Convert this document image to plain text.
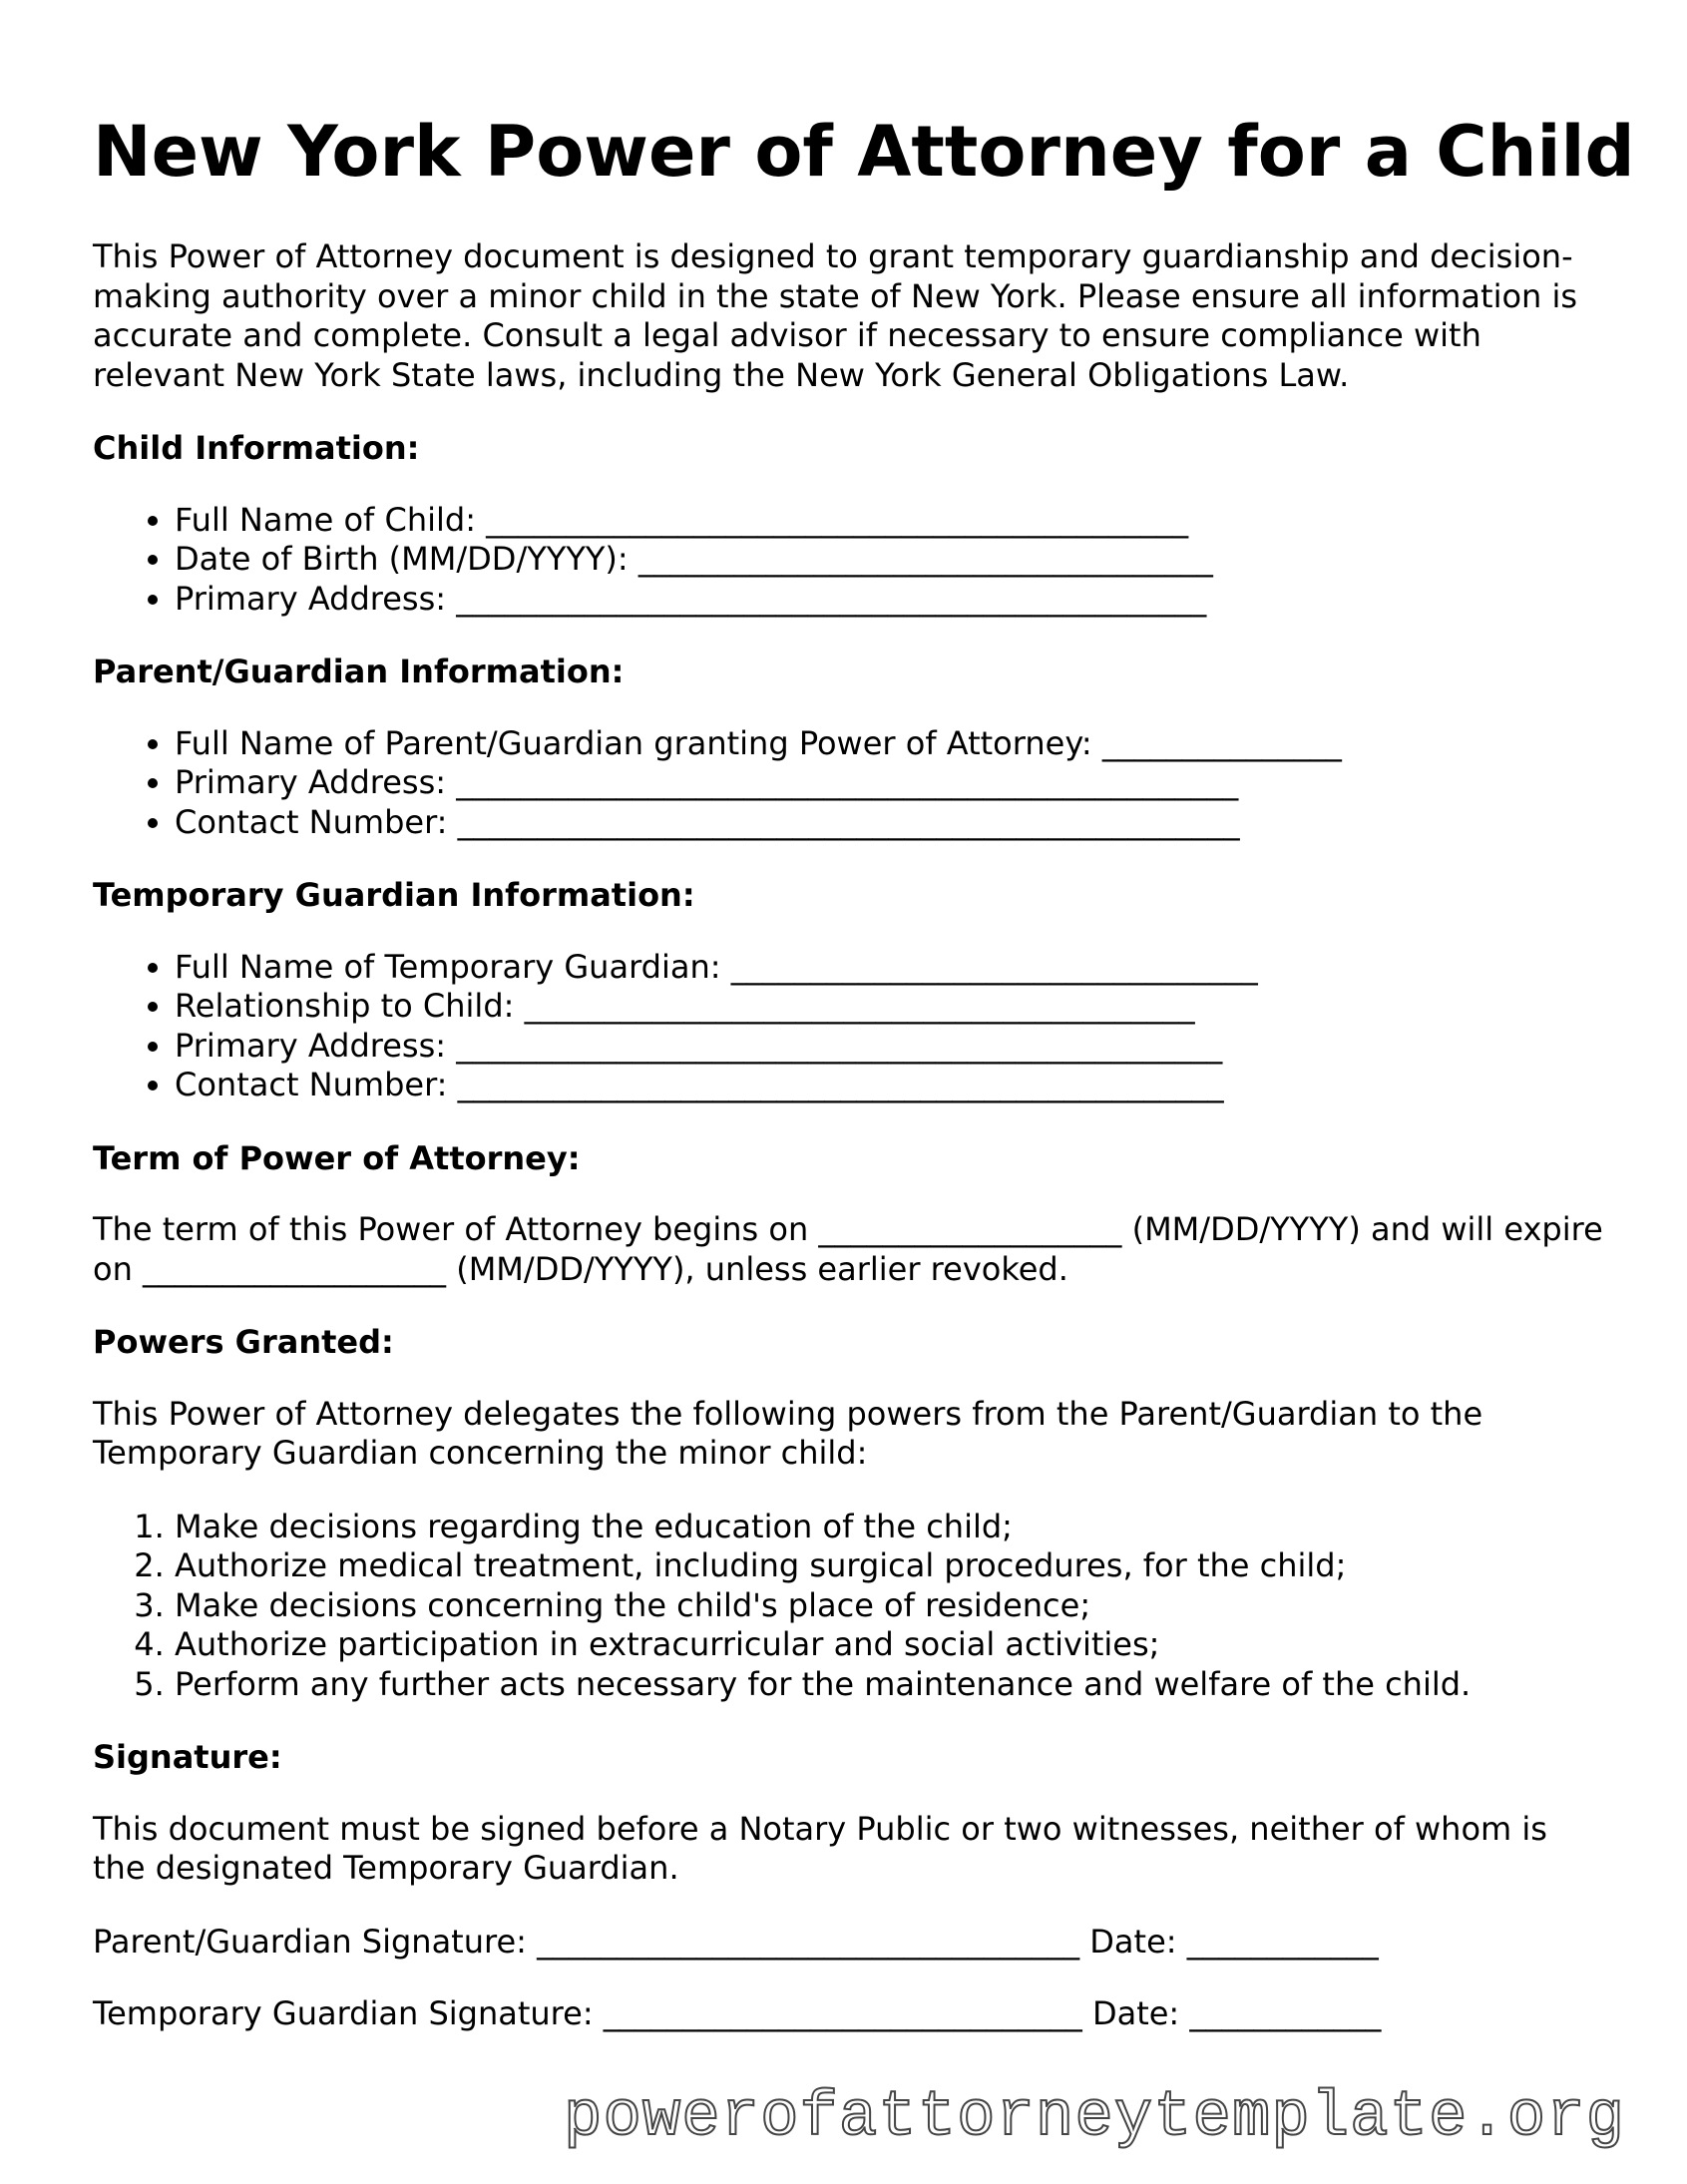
New York Power of Attorney for a Child

This Power of Attorney document is designed to grant temporary guardianship and decision-making authority over a minor child in the state of New York. Please ensure all information is accurate and complete. Consult a legal advisor if necessary to ensure compliance with relevant New York State laws, including the New York General Obligations Law.

Child Information:
• Full Name of Child: ____________________________________________
• Date of Birth (MM/DD/YYYY): ____________________________________
• Primary Address: _______________________________________________
Parent/Guardian Information:
• Full Name of Parent/Guardian granting Power of Attorney: _______________
• Primary Address: _________________________________________________
• Contact Number: _________________________________________________
Temporary Guardian Information:
• Full Name of Temporary Guardian: _________________________________
• Relationship to Child: __________________________________________
• Primary Address: ________________________________________________
• Contact Number: ________________________________________________
Term of Power of Attorney:

The term of this Power of Attorney begins on ___________________ (MM/DD/YYYY) and will expire on ___________________ (MM/DD/YYYY), unless earlier revoked.

Powers Granted:

This Power of Attorney delegates the following powers from the Parent/Guardian to the Temporary Guardian concerning the minor child:

1. Make decisions regarding the education of the child;
2. Authorize medical treatment, including surgical procedures, for the child;
3. Make decisions concerning the child's place of residence;
4. Authorize participation in extracurricular and social activities;
5. Perform any further acts necessary for the maintenance and welfare of the child.
Signature:

This document must be signed before a Notary Public or two witnesses, neither of whom is the designated Temporary Guardian.

Parent/Guardian Signature: __________________________________ Date: ____________
Temporary Guardian Signature: ______________________________ Date: ____________
powerofattorneytemplate.org
